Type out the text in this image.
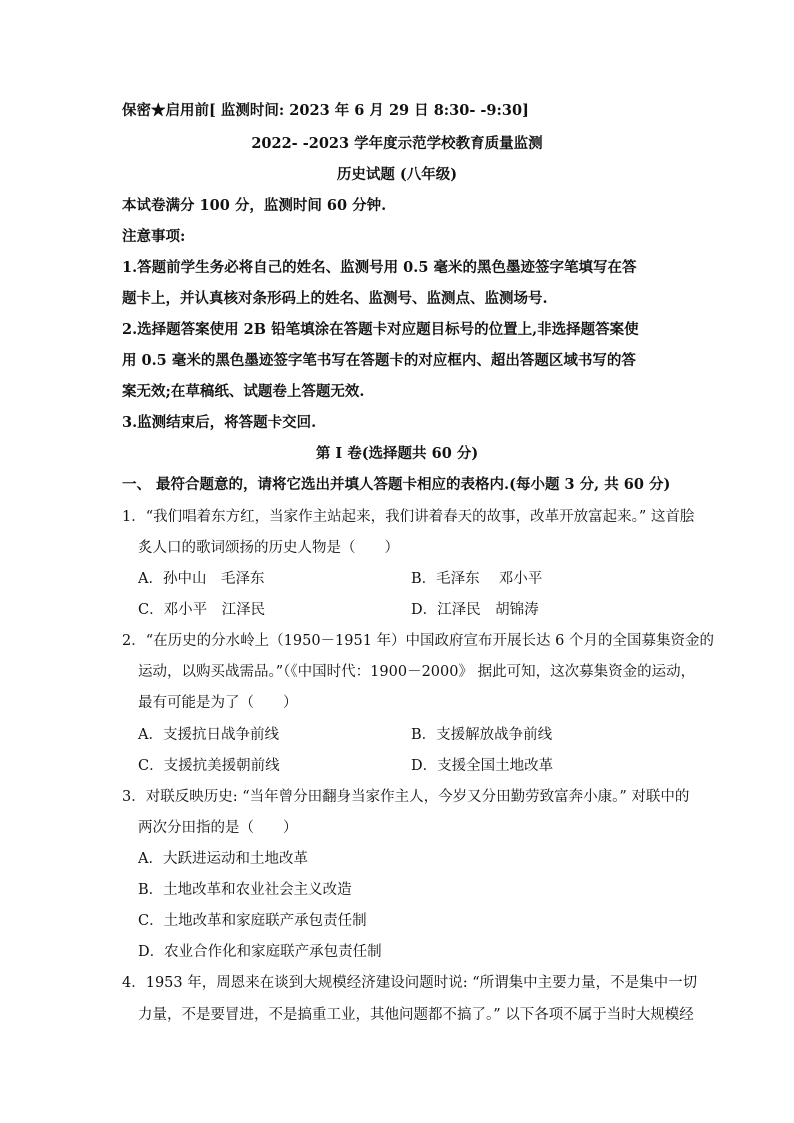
保密★启用前[ 监测时间: 2023 年 6 月 29 日 8:30- -9:30]
2022- -2023 学年度示范学校教育质量监测
历史试题 (八年级)
本试卷满分 100 分，监测时间 60 分钟.
注意事项:
1.答题前学生务必将自己的姓名、监测号用 0.5 毫米的黑色墨迹签字笔填写在答
题卡上，并认真核对条形码上的姓名、监测号、监测点、监测场号.
2.选择题答案使用 2B 铅笔填涂在答题卡对应题目标号的位置上,非选择题答案使
用 0.5 毫米的黑色墨迹签字笔书写在答题卡的对应框内、超出答题区域书写的答
案无效;在草稿纸、试题卷上答题无效.
3.监测结束后，将答题卡交回.
第 I 卷(选择题共 60 分)
一、 最符合题意的，请将它选出并填人答题卡相应的表格内.(每小题 3 分, 共 60 分)
1．“我们唱着东方红，当家作主站起来，我们讲着春天的故事，改革开放富起来。” 这首脍
炙人口的歌词颂扬的历史人物是（　　）
A．孙中山　毛泽东	B．毛泽东　 邓小平
C．邓小平　江泽民	D．江泽民　胡锦涛
2．“在历史的分水岭上（1950－1951 年）中国政府宣布开展长达 6 个月的全国募集资金的
运动，以购买战需品。”（《中国时代：1900－2000》 据此可知，这次募集资金的运动，
最有可能是为了（　　）
A．支援抗日战争前线	B．支援解放战争前线
C．支援抗美援朝前线	D．支援全国土地改革
3．对联反映历史: “当年曾分田翻身当家作主人，今岁又分田勤劳致富奔小康。” 对联中的
两次分田指的是（　　）
A．大跃进运动和土地改革
B．土地改革和农业社会主义改造
C．土地改革和家庭联产承包责任制
D．农业合作化和家庭联产承包责任制
4．1953 年，周恩来在谈到大规模经济建设问题时说: “所谓集中主要力量，不是集中一切
力量，不是要冒进，不是搞重工业，其他问题都不搞了。” 以下各项不属于当时大规模经
